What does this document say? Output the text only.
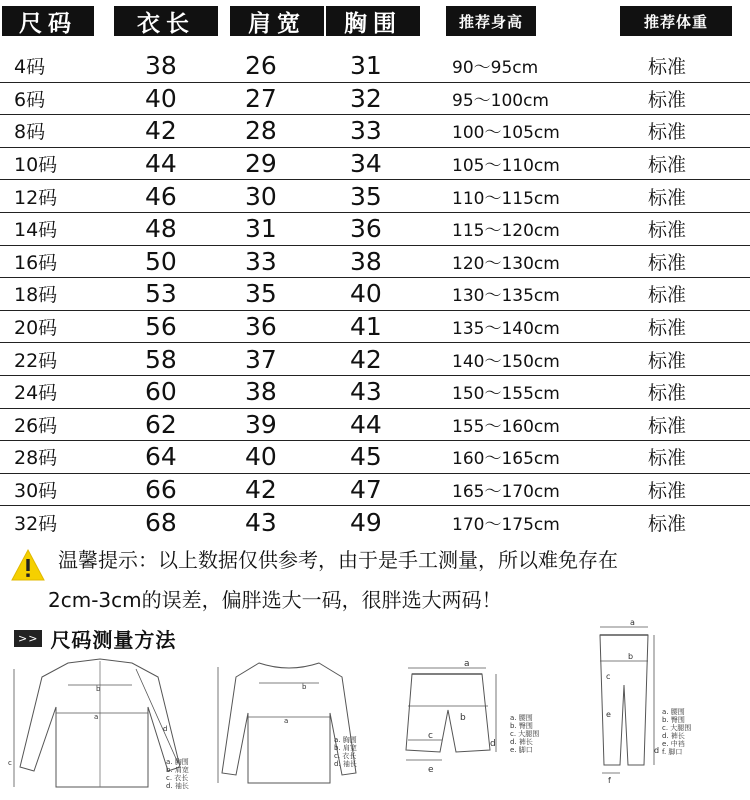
尺码	衣长	肩宽	胸围	推荐身高	推荐体重
4码	38	26	31	90～95cm	标准
6码	40	27	32	95～100cm	标准
8码	42	28	33	100～105cm	标准
10码	44	29	34	105～110cm	标准
12码	46	30	35	110～115cm	标准
14码	48	31	36	115～120cm	标准
16码	50	33	38	120～130cm	标准
18码	53	35	40	130～135cm	标准
20码	56	36	41	135～140cm	标准
22码	58	37	42	140～150cm	标准
24码	60	38	43	150～155cm	标准
26码	62	39	44	155～160cm	标准
28码	64	40	45	160～165cm	标准
30码	66	42	47	165～170cm	标准
32码	68	43	49	170～175cm	标准
温馨提示：以上数据仅供参考，由于是手工测量，所以难免存在
2cm-3cm的误差，偏胖选大一码，很胖选大两码！
>> 尺码测量方法
a
b
c
d
a. 胸围
b. 肩宽
c. 衣长
d. 袖长
a
b
a. 胸围
b. 肩宽
c. 衣长
d. 袖长
a
b
c
d
e
a. 腰围
b. 臀围
c. 大腿围
d. 裤长
e. 脚口
a
b
c
e
d
f
a. 腰围
b. 臀围
c. 大腿围
d. 裤长
e. 中裆
f. 脚口
